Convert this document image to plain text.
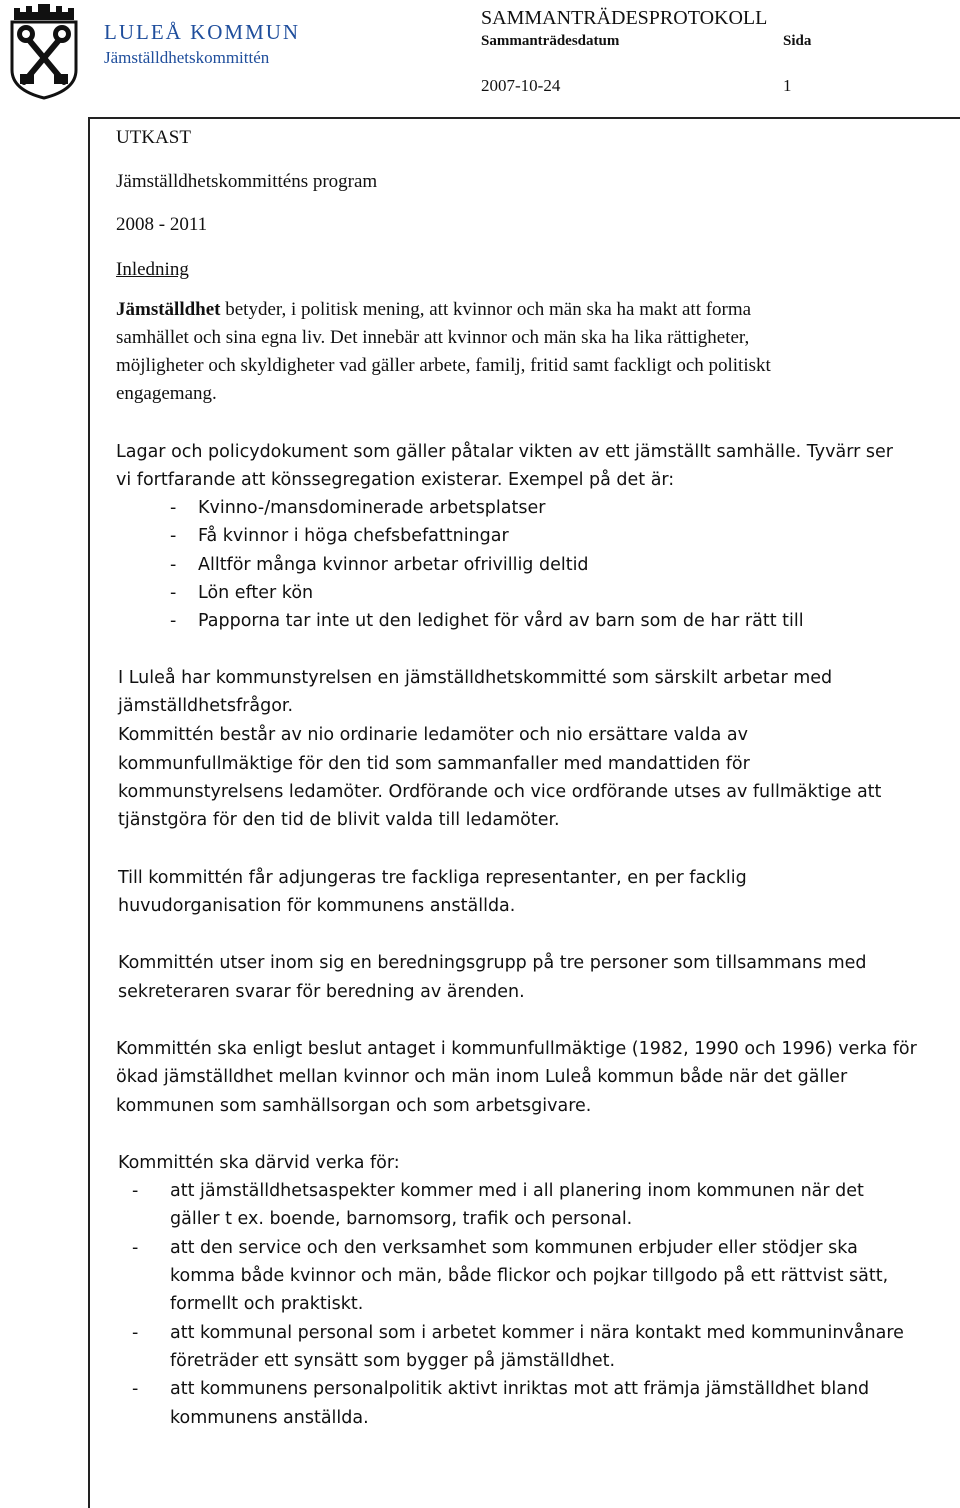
LULEÅ KOMMUN
Jämställdhetskommittén
SAMMANTRÄDESPROTOKOLL
Sammanträdesdatum	Sida
2007-10-24	1
UTKAST
Jämställdhetskommitténs program
2008 - 2011
Inledning
Jämställdhet betyder, i politisk mening, att kvinnor och män ska ha makt att forma
samhället och sina egna liv. Det innebär att kvinnor och män ska ha lika rättigheter,
möjligheter och skyldigheter vad gäller arbete, familj, fritid samt fackligt och politiskt
engagemang.
Lagar och policydokument som gäller påtalar vikten av ett jämställt samhälle. Tyvärr ser
vi fortfarande att könssegregation existerar. Exempel på det är:
- Kvinno-/mansdominerade arbetsplatser
- Få kvinnor i höga chefsbefattningar
- Alltför många kvinnor arbetar ofrivillig deltid
- Lön efter kön
- Papporna tar inte ut den ledighet för vård av barn som de har rätt till
I Luleå har kommunstyrelsen en jämställdhetskommitté som särskilt arbetar med
jämställdhetsfrågor.
Kommittén består av nio ordinarie ledamöter och nio ersättare valda av
kommunfullmäktige för den tid som sammanfaller med mandattiden för
kommunstyrelsens ledamöter. Ordförande och vice ordförande utses av fullmäktige att
tjänstgöra för den tid de blivit valda till ledamöter.
Till kommittén får adjungeras tre fackliga representanter, en per facklig
huvudorganisation för kommunens anställda.
Kommittén utser inom sig en beredningsgrupp på tre personer som tillsammans med
sekreteraren svarar för beredning av ärenden.
Kommittén ska enligt beslut antaget i kommunfullmäktige (1982, 1990 och 1996) verka för
ökad jämställdhet mellan kvinnor och män inom Luleå kommun både när det gäller
kommunen som samhällsorgan och som arbetsgivare.
Kommittén ska därvid verka för:
- att jämställdhetsaspekter kommer med i all planering inom kommunen när det
gäller t ex. boende, barnomsorg, trafik och personal.
- att den service och den verksamhet som kommunen erbjuder eller stödjer ska
komma både kvinnor och män, både flickor och pojkar tillgodo på ett rättvist sätt,
formellt och praktiskt.
- att kommunal personal som i arbetet kommer i nära kontakt med kommuninvånare
företräder ett synsätt som bygger på jämställdhet.
- att kommunens personalpolitik aktivt inriktas mot att främja jämställdhet bland
kommunens anställda.
